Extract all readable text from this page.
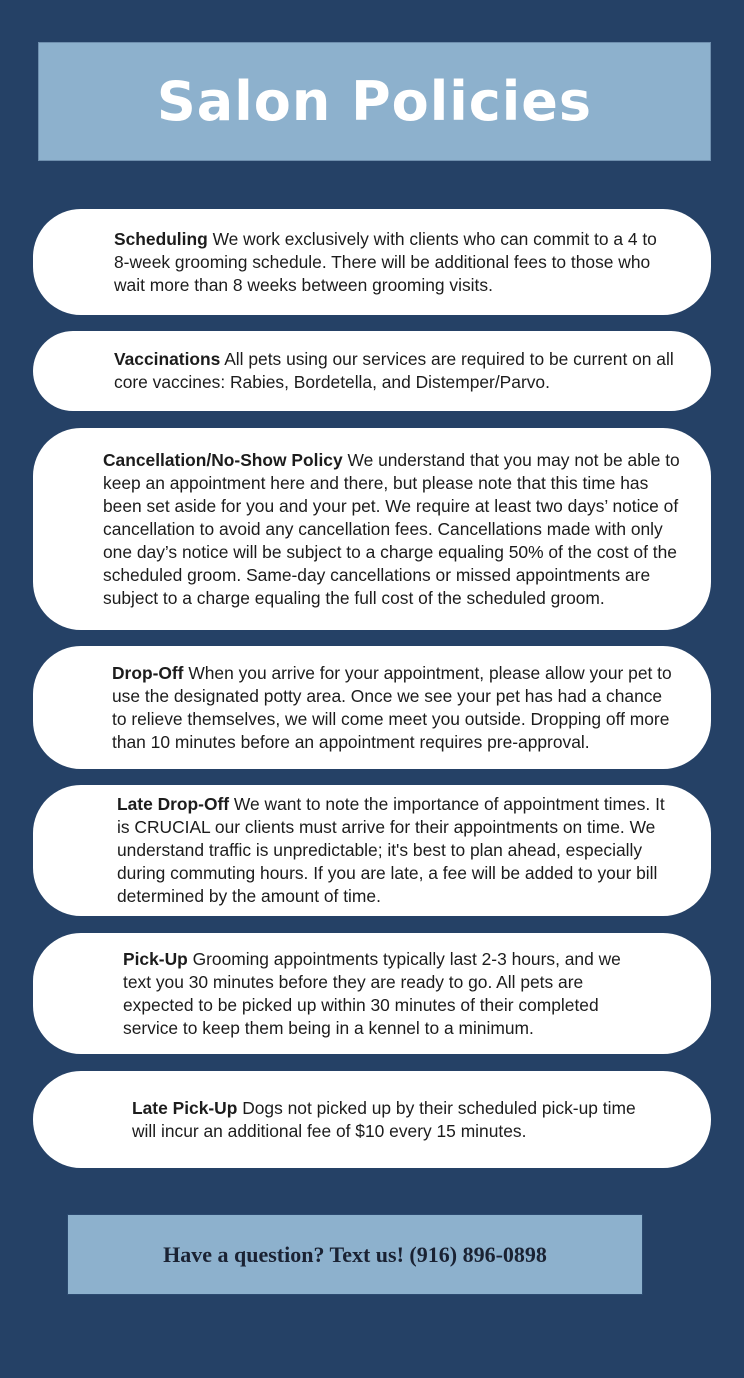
Salon Policies

Scheduling We work exclusively with clients who can commit to a 4 to 8-week grooming schedule. There will be additional fees to those who wait more than 8 weeks between grooming visits.

Vaccinations All pets using our services are required to be current on all core vaccines: Rabies, Bordetella, and Distemper/Parvo.

Cancellation/No-Show Policy We understand that you may not be able to keep an appointment here and there, but please note that this time has been set aside for you and your pet. We require at least two days’ notice of cancellation to avoid any cancellation fees. Cancellations made with only one day’s notice will be subject to a charge equaling 50% of the cost of the scheduled groom. Same-day cancellations or missed appointments are subject to a charge equaling the full cost of the scheduled groom.

Drop-Off When you arrive for your appointment, please allow your pet to use the designated potty area. Once we see your pet has had a chance to relieve themselves, we will come meet you outside. Dropping off more than 10 minutes before an appointment requires pre-approval.

Late Drop-Off We want to note the importance of appointment times. It is CRUCIAL our clients must arrive for their appointments on time. We understand traffic is unpredictable; it's best to plan ahead, especially during commuting hours. If you are late, a fee will be added to your bill determined by the amount of time.

Pick-Up Grooming appointments typically last 2-3 hours, and we text you 30 minutes before they are ready to go. All pets are expected to be picked up within 30 minutes of their completed service to keep them being in a kennel to a minimum.

Late Pick-Up Dogs not picked up by their scheduled pick-up time will incur an additional fee of $10 every 15 minutes.

Have a question? Text us! (916) 896-0898
